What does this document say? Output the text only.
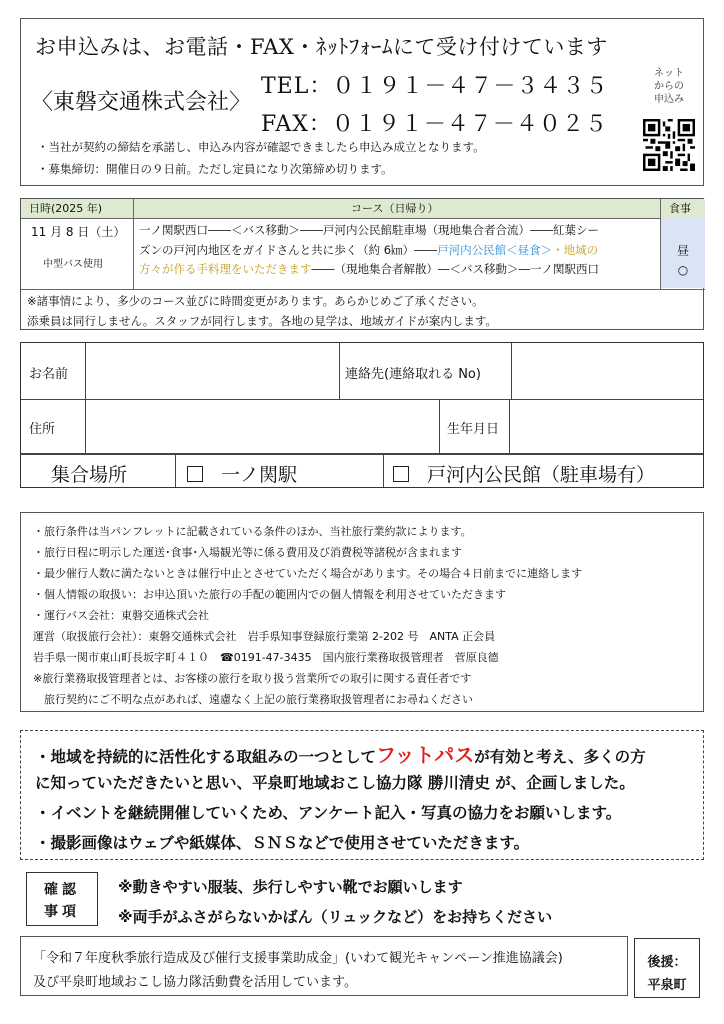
お申込みは、お電話・FAX・ﾈｯﾄﾌｫｰﾑにて受け付けています
〈東磐交通株式会社〉
TEL：０１９１－４７－３４３５
FAX：０１９１－４７－４０２５
ネット
からの
申込み
・当社が契約の締結を承諾し、申込み内容が確認できましたら申込み成立となります。
・募集締切：開催日の９日前。ただし定員になり次第締め切ります。
日時(2025 年)	コース（日帰り）	食事
11 月 8 日（土）
中型バス使用
一ノ関駅西口――＜バス移動＞――戸河内公民館駐車場（現地集合者合流）――紅葉シー
ズンの戸河内地区をガイドさんと共に歩く（約 6㎞）――戸河内公民館＜昼食＞・地域の
方々が作る手料理をいただきます――（現地集合者解散）―＜バス移動＞―一ノ関駅西口
昼
○
※諸事情により、多少のコース並びに時間変更があります。あらかじめご了承ください。
添乗員は同行しません。スタッフが同行します。各地の見学は、地域ガイドが案内します。
お名前	連絡先(連絡取れる No)
住所	生年月日
集合場所	一ノ関駅	戸河内公民館（駐車場有）
・旅行条件は当パンフレットに記載されている条件のほか、当社旅行業約款によります。
・旅行日程に明示した運送･食事･入場観光等に係る費用及び消費税等諸税が含まれます
・最少催行人数に満たないときは催行中止とさせていただく場合があります。その場合４日前までに連絡します
・個人情報の取扱い：お申込頂いた旅行の手配の範囲内での個人情報を利用させていただきます
・運行バス会社：東磐交通株式会社
運営（取扱旅行会社）：東磐交通株式会社　岩手県知事登録旅行業第 2-202 号　ANTA 正会員
岩手県一関市東山町長坂字町４１０　☎0191-47-3435　国内旅行業務取扱管理者　菅原良德
※旅行業務取扱管理者とは、お客様の旅行を取り扱う営業所での取引に関する責任者です
　旅行契約にご不明な点があれば、遠慮なく上記の旅行業務取扱管理者にお尋ねください
・地域を持続的に活性化する取組みの一つとしてフットパスが有効と考え、多くの方
に知っていただきたいと思い、平泉町地域おこし協力隊 勝川清史 が、企画しました。
・イベントを継続開催していくため、アンケート記入・写真の協力をお願いします。
・撮影画像はウェブや紙媒体、ＳＮＳなどで使用させていただきます。
確認
事項
※動きやすい服装、歩行しやすい靴でお願いします
※両手がふさがらないかばん（リュックなど）をお持ちください
「令和７年度秋季旅行造成及び催行支援事業助成金」(いわて観光キャンペーン推進協議会)
及び平泉町地域おこし協力隊活動費を活用しています。
後援：
平泉町
